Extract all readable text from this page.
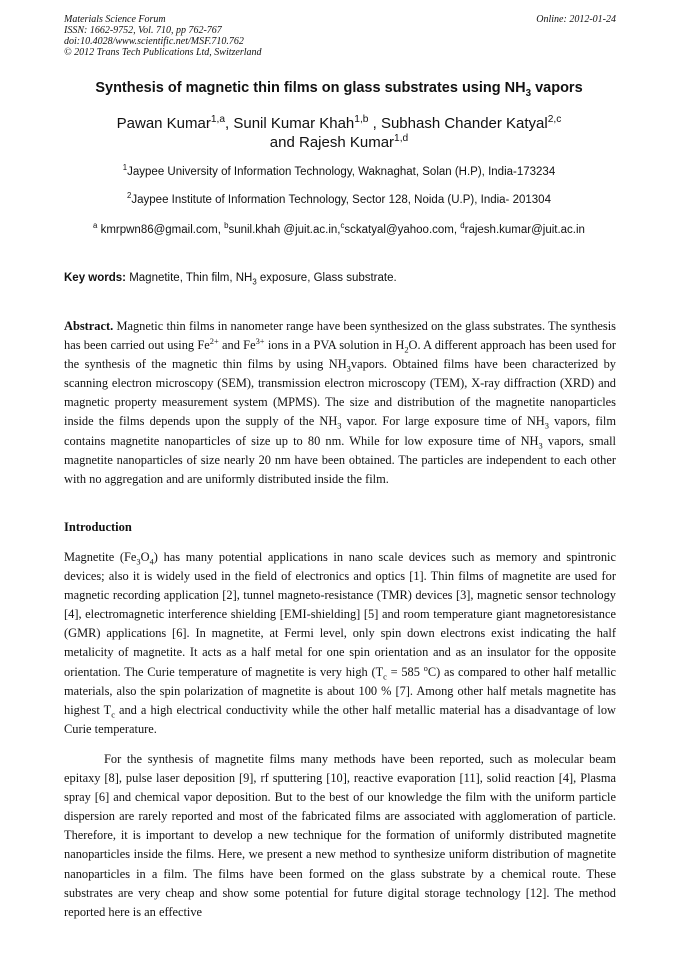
Materials Science Forum
ISSN: 1662-9752, Vol. 710, pp 762-767
doi:10.4028/www.scientific.net/MSF.710.762
© 2012 Trans Tech Publications Ltd, Switzerland
Online: 2012-01-24
Synthesis of magnetic thin films on glass substrates using $NH_3$ vapors
Pawan Kumar$^{1,a}$, Sunil Kumar Khah$^{1,b}$ , Subhash Chander Katyal$^{2,c}$
and Rajesh Kumar$^{1,d}$
$^1$Jaypee University of Information Technology, Waknaghat, Solan (H.P), India-173234
$^2$Jaypee Institute of Information Technology, Sector 128, Noida (U.P), India- 201304
$^a$ kmrpwn86@gmail.com, $^b$sunil.khah @juit.ac.in,$^c$sckatyal@yahoo.com, $^d$rajesh.kumar@juit.ac.in
Key words: Magnetite, Thin film, $NH_3$ exposure, Glass substrate.
Abstract. Magnetic thin films in nanometer range have been synthesized on the glass substrates. The synthesis has been carried out using $Fe^{2+}$ and $Fe^{3+}$ ions in a PVA solution in $H_2O$. A different approach has been used for the synthesis of the magnetic thin films by using $NH_3vapors$. Obtained films have been characterized by scanning electron microscopy (SEM), transmission electron microscopy (TEM), X-ray diffraction (XRD) and magnetic property measurement system (MPMS). The size and distribution of the magnetite nanoparticles inside the films depends upon the supply of the $NH_3$ vapor. For large exposure time of $NH_3$ vapors, film contains magnetite nanoparticles of size up to 80 nm. While for low exposure time of $NH_3$ vapors, small magnetite nanoparticles of size nearly 20 nm have been obtained. The particles are independent to each other with no aggregation and are uniformly distributed inside the film.
Introduction
Magnetite $(Fe_3O_4)$ has many potential applications in nano scale devices such as memory and spintronic devices; also it is widely used in the field of electronics and optics [1]. Thin films of magnetite are used for magnetic recording application [2], tunnel magneto-resistance (TMR) devices [3], magnetic sensor technology [4], electromagnetic interference shielding [EMI-shielding] [5] and room temperature giant magnetoresistance (GMR) applications [6]. In magnetite, at Fermi level, only spin down electrons exist indicating the half metalicity of magnetite. It acts as a half metal for one spin orientation and as an insulator for the opposite orientation. The Curie temperature of magnetite is very high ($T_c = 585$ $^o$C) as compared to other half metallic materials, also the spin polarization of magnetite is about 100 % [7]. Among other half metals magnetite has highest $T_c$ and a high electrical conductivity while the other half metallic material has a disadvantage of low Curie temperature.
For the synthesis of magnetite films many methods have been reported, such as molecular beam epitaxy [8], pulse laser deposition [9], rf sputtering [10], reactive evaporation [11], solid reaction [4], Plasma spray [6] and chemical vapor deposition. But to the best of our knowledge the film with the uniform particle dispersion are rarely reported and most of the fabricated films are associated with agglomeration of particle. Therefore, it is important to develop a new technique for the formation of uniformly distributed magnetite nanoparticles inside the films. Here, we present a new method to synthesize uniform distribution of magnetite nanoparticles in a film. The films have been formed on the glass substrate by a chemical route. These substrates are very cheap and show some potential for future digital storage technology [12]. The method reported here is an effective
